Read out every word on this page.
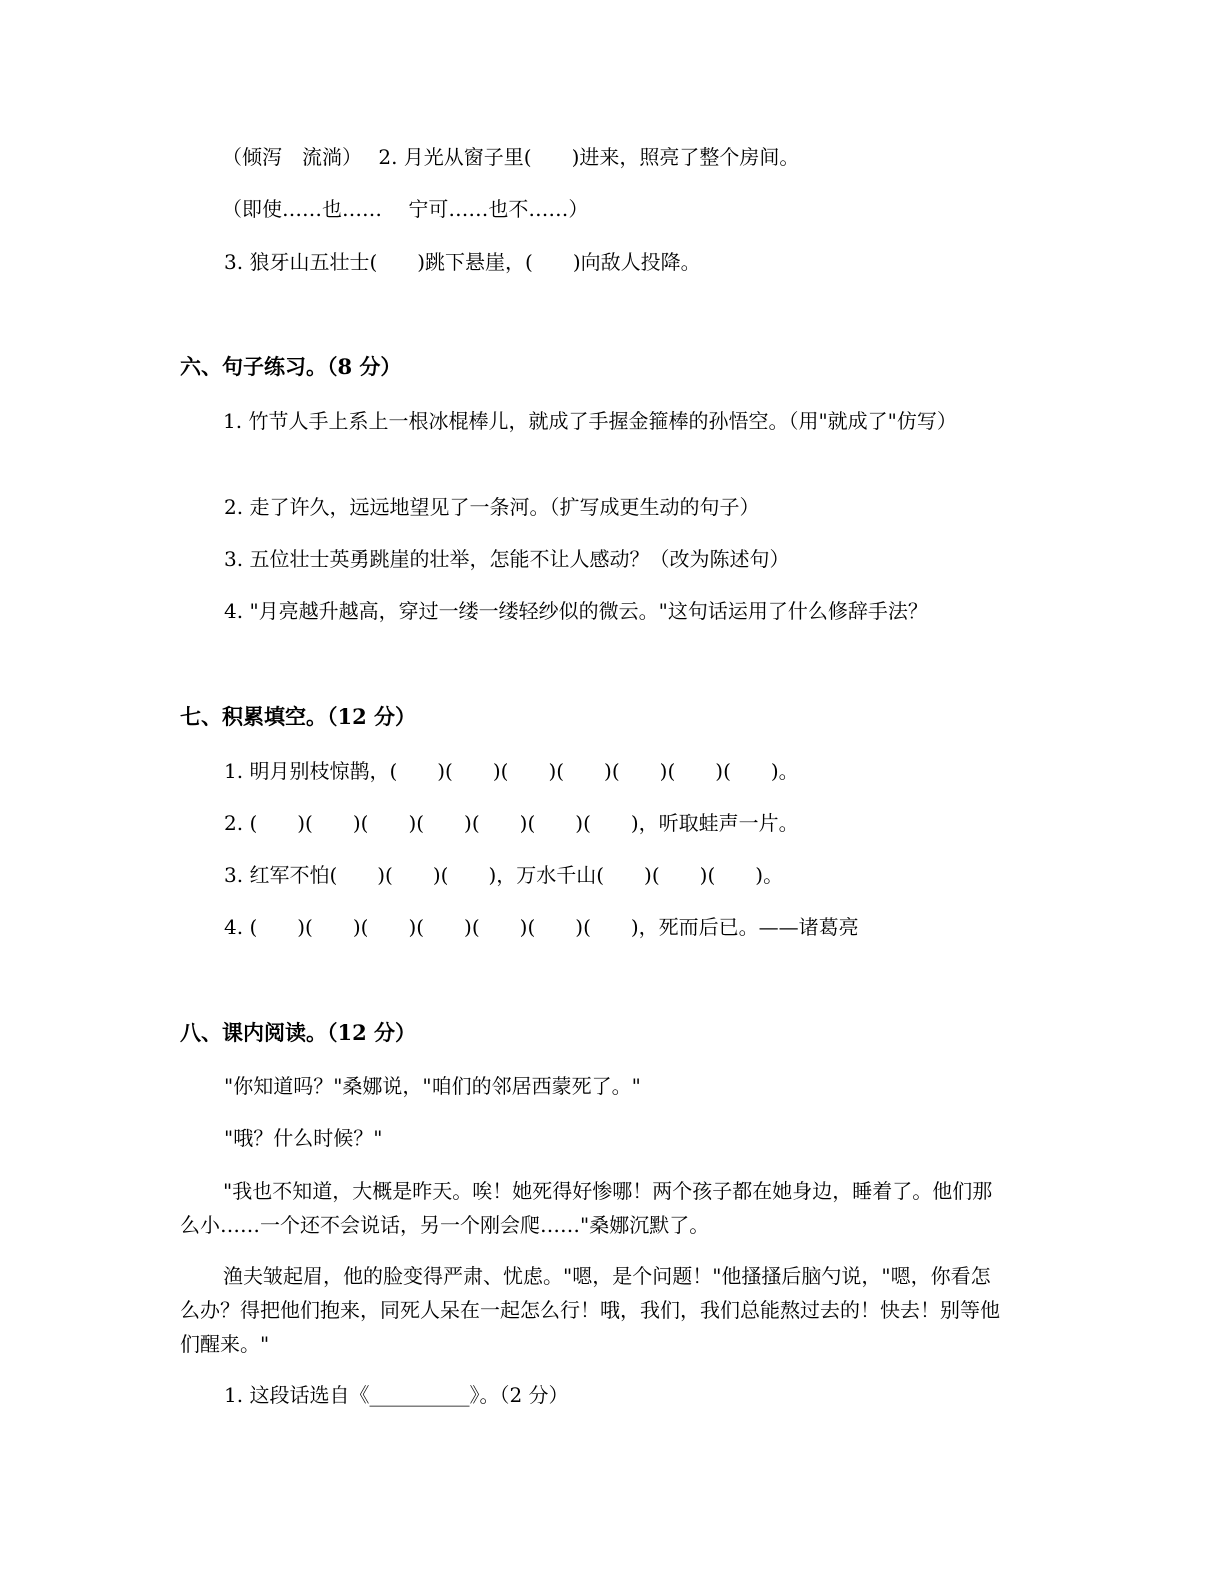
（倾泻　流淌）　 2. 月光从窗子里(　　)进来，照亮了整个房间。

（即使……也……　 宁可……也不……）

3. 狼牙山五壮士(　　)跳下悬崖，(　　)向敌人投降。

六、句子练习。（8 分）

1. 竹节人手上系上一根冰棍棒儿，就成了手握金箍棒的孙悟空。（用"就成了"仿写）

2. 走了许久，远远地望见了一条河。（扩写成更生动的句子）

3. 五位壮士英勇跳崖的壮举，怎能不让人感动？（改为陈述句）

4. "月亮越升越高，穿过一缕一缕轻纱似的微云。"这句话运用了什么修辞手法？

七、积累填空。（12 分）

1. 明月别枝惊鹊，(　　)(　　)(　　)(　　)(　　)(　　)(　　)。

2. (　　)(　　)(　　)(　　)(　　)(　　)(　　)，听取蛙声一片。

3. 红军不怕(　　)(　　)(　　)，万水千山(　　)(　　)(　　)。

4. (　　)(　　)(　　)(　　)(　　)(　　)(　　)，死而后已。——诸葛亮

八、课内阅读。（12 分）

"你知道吗？"桑娜说，"咱们的邻居西蒙死了。"

"哦？什么时候？"

"我也不知道，大概是昨天。唉！她死得好惨哪！两个孩子都在她身边，睡着了。他们那么小……一个还不会说话，另一个刚会爬……"桑娜沉默了。

渔夫皱起眉，他的脸变得严肃、忧虑。"嗯，是个问题！"他搔搔后脑勺说，"嗯，你看怎么办？得把他们抱来，同死人呆在一起怎么行！哦，我们，我们总能熬过去的！快去！别等他们醒来。"

1. 这段话选自《__________》。（2 分）
